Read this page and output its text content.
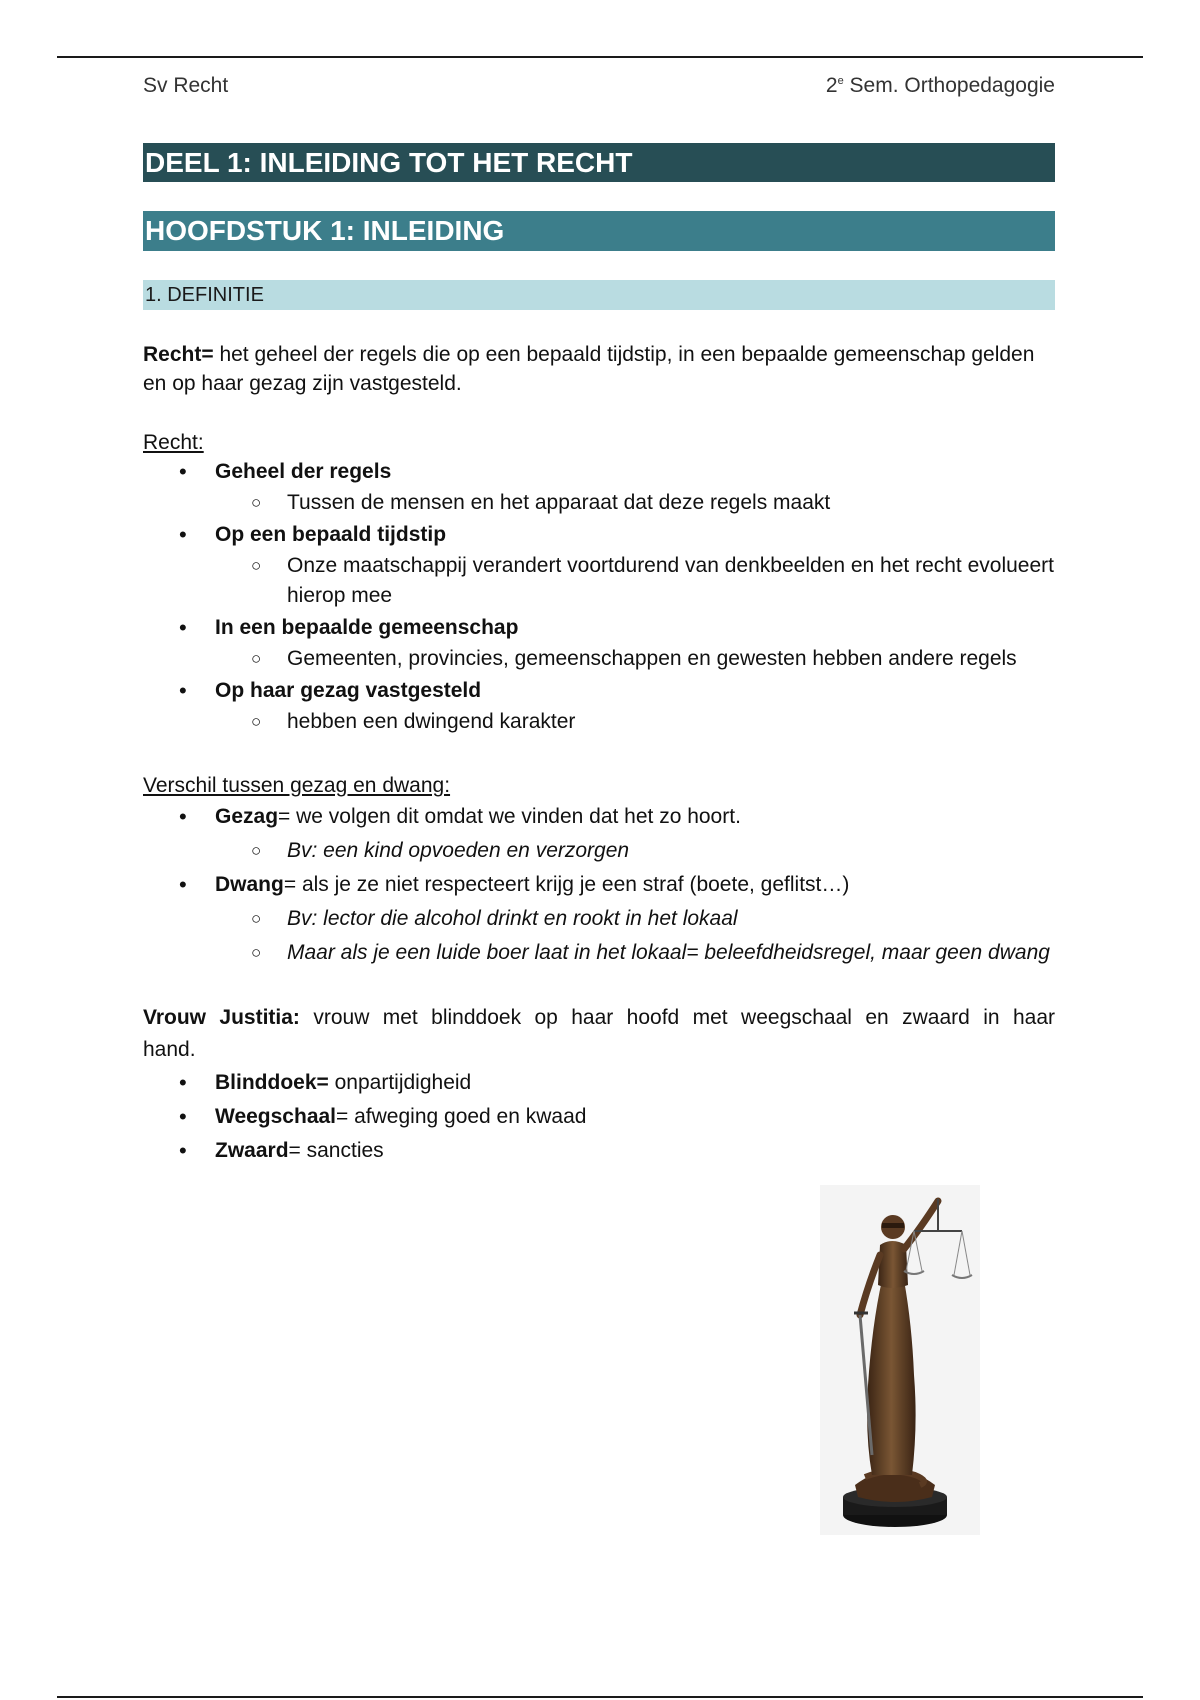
Sv Recht	2e Sem. Orthopedagogie
DEEL 1: INLEIDING TOT HET RECHT
HOOFDSTUK 1: INLEIDING
1. DEFINITIE

Recht= het geheel der regels die op een bepaald tijdstip, in een bepaalde gemeenschap gelden en op haar gezag zijn vastgesteld.

Recht:

• Geheel der regels
○ Tussen de mensen en het apparaat dat deze regels maakt
• Op een bepaald tijdstip
○ Onze maatschappij verandert voortdurend van denkbeelden en het recht evolueert hierop mee
• In een bepaalde gemeenschap
○ Gemeenten, provincies, gemeenschappen en gewesten hebben andere regels
• Op haar gezag vastgesteld
○ hebben een dwingend karakter

Verschil tussen gezag en dwang:

• Gezag= we volgen dit omdat we vinden dat het zo hoort.
○ Bv: een kind opvoeden en verzorgen
• Dwang= als je ze niet respecteert krijg je een straf (boete, geflitst…)
○ Bv: lector die alcohol drinkt en rookt in het lokaal
○ Maar als je een luide boer laat in het lokaal= beleefdheidsregel, maar geen dwang

Vrouw Justitia: vrouw met blinddoek op haar hoofd met weegschaal en zwaard in haar hand.

• Blinddoek= onpartijdigheid
• Weegschaal= afweging goed en kwaad
• Zwaard= sancties
